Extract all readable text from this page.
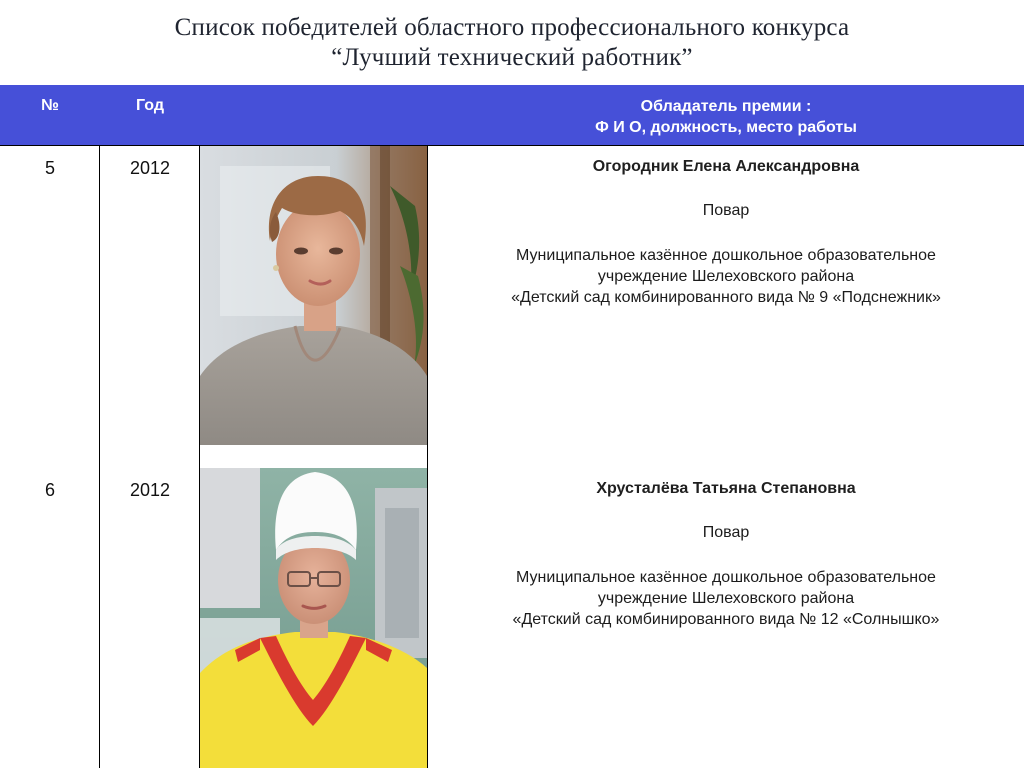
Список победителей областного профессионального конкурса
“Лучший технический работник”
№	Год	Обладатель премии :
Ф И О, должность, место работы
5	2012	Огородник Елена Александровна
Повар
Муниципальное казённое дошкольное образовательное
учреждение Шелеховского района
«Детский сад комбинированного вида № 9 «Подснежник»
6	2012	Хрусталёва Татьяна Степановна
Повар
Муниципальное казённое дошкольное образовательное
учреждение Шелеховского района
«Детский сад комбинированного вида № 12 «Солнышко»
